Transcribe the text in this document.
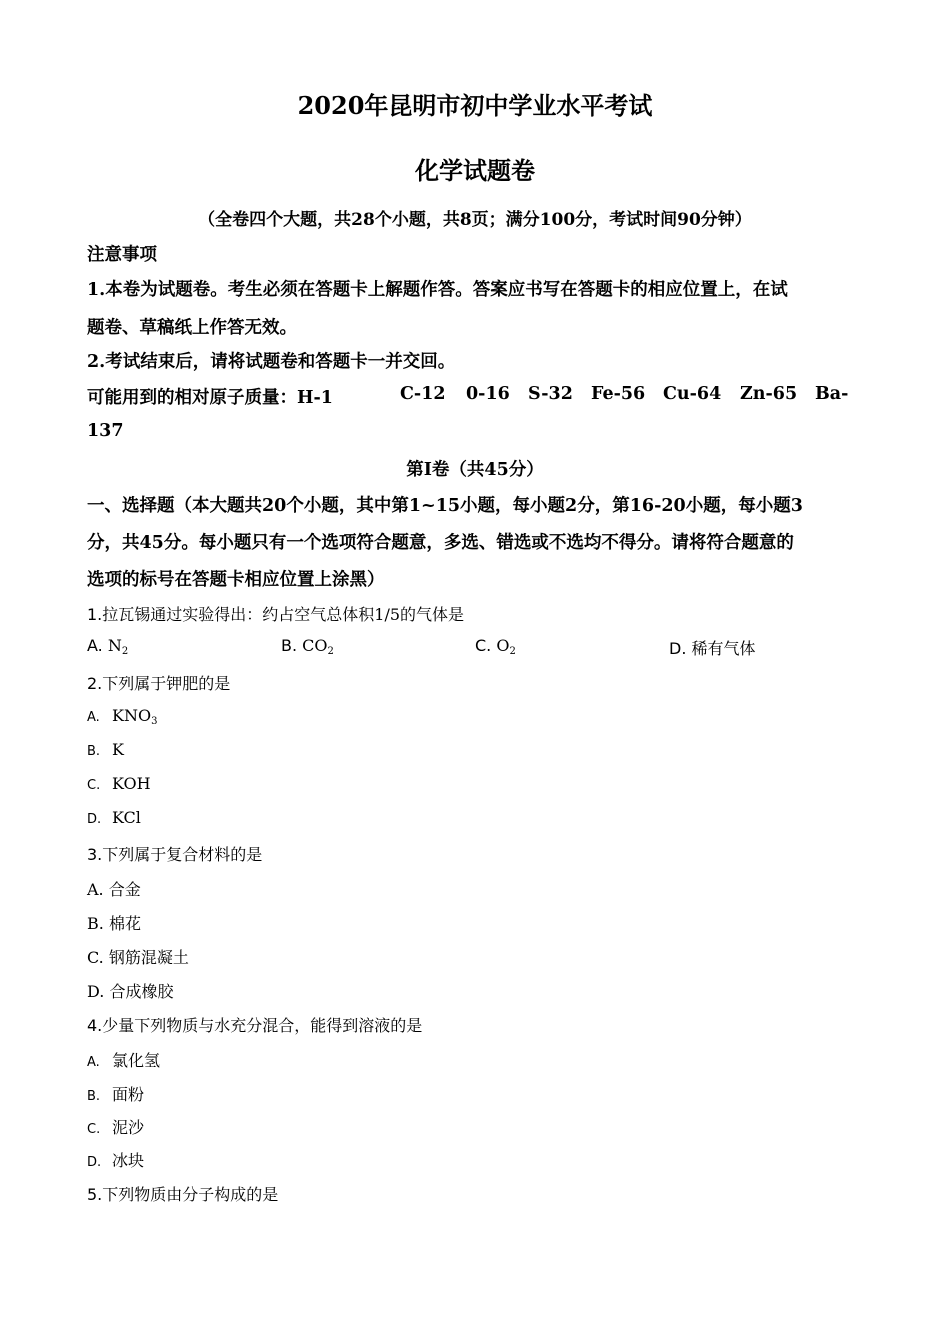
2020年昆明市初中学业水平考试
化学试题卷
（全卷四个大题，共28个小题，共8页；满分100分，考试时间90分钟）
注意事项
1.本卷为试题卷。考生必须在答题卡上解题作答。答案应书写在答题卡的相应位置上，在试
题卷、草稿纸上作答无效。
2.考试结束后，请将试题卷和答题卡一并交回。
可能用到的相对原子质量：H-1	C-12 0-16 S-32 Fe-56 Cu-64 Zn-65 Ba-
137
第Ⅰ卷（共45分）
一、选择题（本大题共20个小题，其中第1~15小题，每小题2分，第16-20小题，每小题3
分，共45分。每小题只有一个选项符合题意，多选、错选或不选均不得分。请将符合题意的
选项的标号在答题卡相应位置上涂黑）
1.拉瓦锡通过实验得出：约占空气总体积1/5的气体是
A. $N_2$	B. $CO_2$	C. $O_2$	D. 稀有气体
2.下列属于钾肥的是
A. $KNO_3$
B. K
C. KOH
D. KCl
3.下列属于复合材料的是
A. 合金
B. 棉花
C. 钢筋混凝土
D. 合成橡胶
4.少量下列物质与水充分混合，能得到溶液的是
A. 氯化氢
B. 面粉
C. 泥沙
D. 冰块
5.下列物质由分子构成的是
